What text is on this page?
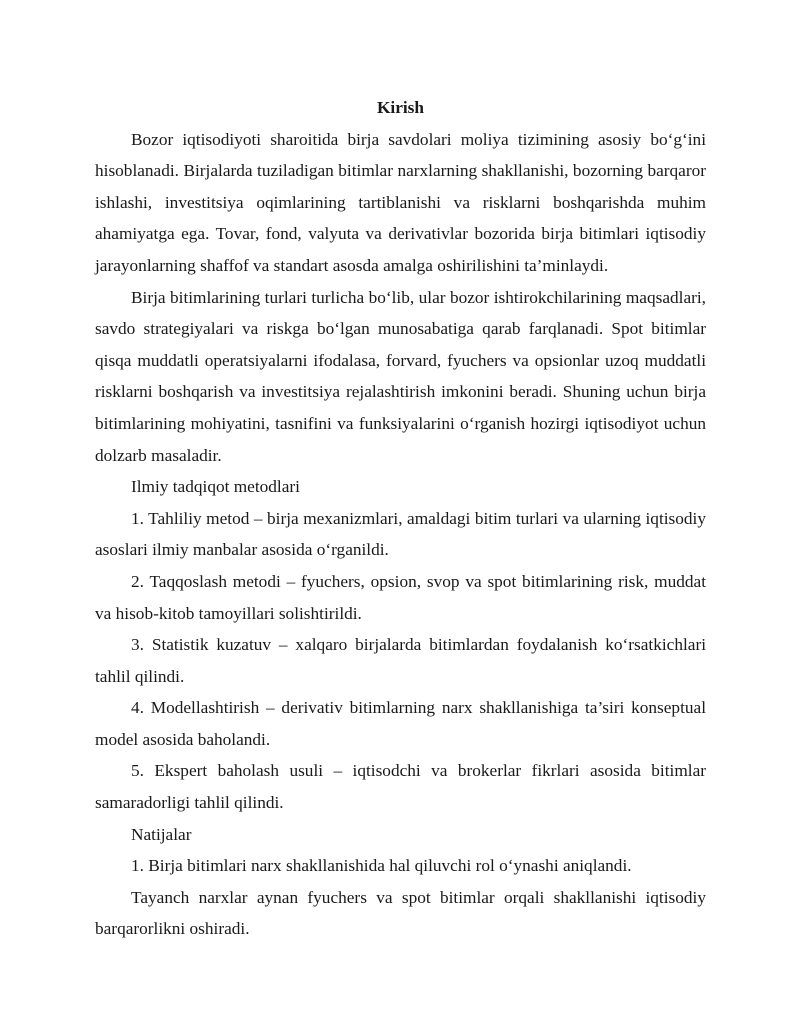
Kirish

Bozor iqtisodiyoti sharoitida birja savdolari moliya tizimining asosiy bo‘g‘ini hisoblanadi. Birjalarda tuziladigan bitimlar narxlarning shakllanishi, bozorning barqaror ishlashi, investitsiya oqimlarining tartiblanishi va risklarni boshqarishda muhim ahamiyatga ega. Tovar, fond, valyuta va derivativlar bozorida birja bitimlari iqtisodiy jarayonlarning shaffof va standart asosda amalga oshirilishini ta’minlaydi.

Birja bitimlarining turlari turlicha bo‘lib, ular bozor ishtirokchilarining maqsadlari, savdo strategiyalari va riskga bo‘lgan munosabatiga qarab farqlanadi. Spot bitimlar qisqa muddatli operatsiyalarni ifodalasa, forvard, fyuchers va opsionlar uzoq muddatli risklarni boshqarish va investitsiya rejalashtirish imkonini beradi. Shuning uchun birja bitimlarining mohiyatini, tasnifini va funksiyalarini o‘rganish hozirgi iqtisodiyot uchun dolzarb masaladir.

Ilmiy tadqiqot metodlari

1. Tahliliy metod – birja mexanizmlari, amaldagi bitim turlari va ularning iqtisodiy asoslari ilmiy manbalar asosida o‘rganildi.

2. Taqqoslash metodi – fyuchers, opsion, svop va spot bitimlarining risk, muddat va hisob-kitob tamoyillari solishtirildi.

3. Statistik kuzatuv – xalqaro birjalarda bitimlardan foydalanish ko‘rsatkichlari tahlil qilindi.

4. Modellashtirish – derivativ bitimlarning narx shakllanishiga ta’siri konseptual model asosida baholandi.

5. Ekspert baholash usuli – iqtisodchi va brokerlar fikrlari asosida bitimlar samaradorligi tahlil qilindi.

Natijalar

1. Birja bitimlari narx shakllanishida hal qiluvchi rol o‘ynashi aniqlandi.

Tayanch narxlar aynan fyuchers va spot bitimlar orqali shakllanishi iqtisodiy barqarorlikni oshiradi.
